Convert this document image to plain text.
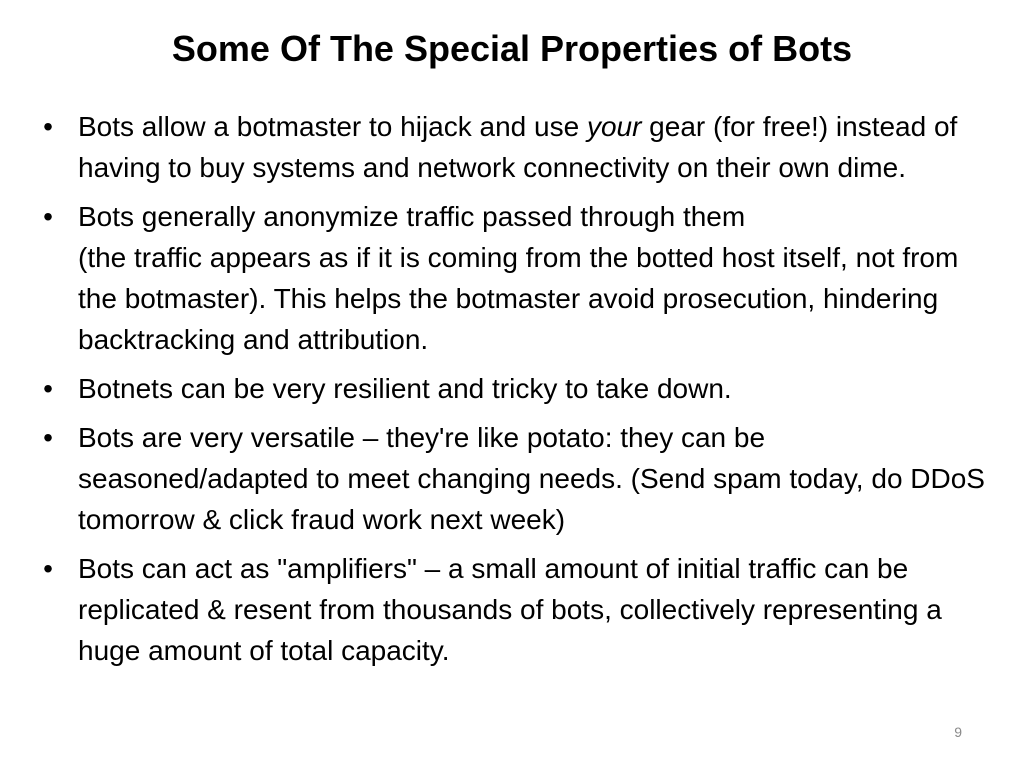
Some Of The Special Properties of Bots
• Bots allow a botmaster to hijack and use your gear (for free!) instead of having to buy systems and network connectivity on their own dime.
• Bots generally anonymize traffic passed through them
(the traffic appears as if it is coming from the botted host itself, not from the botmaster). This helps the botmaster avoid prosecution, hindering backtracking and attribution.
• Botnets can be very resilient and tricky to take down.
• Bots are very versatile – they're like potato: they can be seasoned/adapted to meet changing needs. (Send spam today, do DDoS tomorrow & click fraud work next week)
• Bots can act as "amplifiers" – a small amount of initial traffic can be replicated & resent from thousands of bots, collectively representing a huge amount of total capacity.
9
